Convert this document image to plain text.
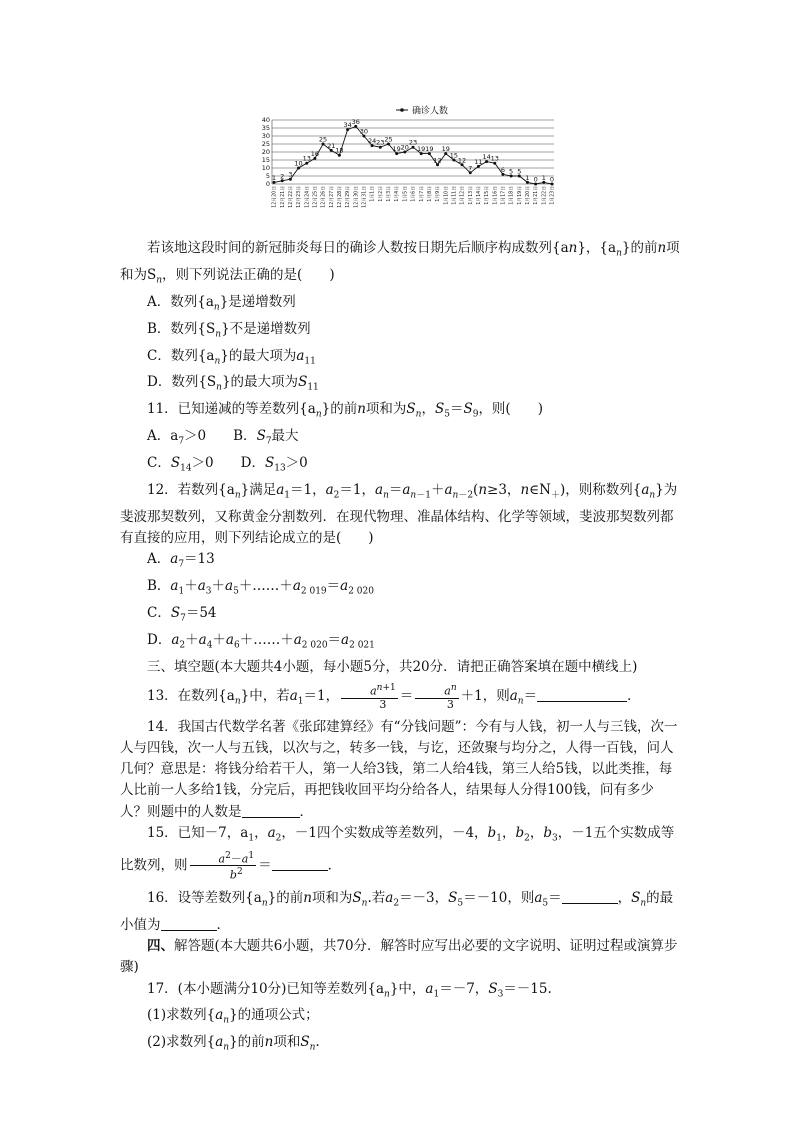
确诊人数
0
5
10
15
20
25
30
35
40
1 2 3
10
13
16
25
21
18
34 36
30
24 23 25
19 20
23
19 19
12
19
15
12
7
11
14 13
6 5 5
1 0 1 0
12月20日 12月21日 12月22日 12月23日 12月24日 12月25日 12月26日 12月27日 12月28日 12月29日 12月30日 12月31日 1月1日 1月2日 1月3日 1月4日 1月5日 1月6日 1月7日 1月8日 1月9日 1月10日 1月11日 1月12日 1月13日 1月14日 1月15日 1月16日 1月17日 1月18日 1月19日 1月20日 1月21日 1月22日 1月23日

若该地这段时间的新冠肺炎每日的确诊人数按日期先后顺序构成数列{an}，$\{a_n\}$的前n项和为$S_n$，则下列说法正确的是(　　)

A．数列$\{a_n\}$是递增数列

B．数列$\{S_n\}$不是递增数列

C．数列$\{a_n\}$的最大项为$a_{11}$

D．数列$\{S_n\}$的最大项为$S_{11}$

11．已知递减的等差数列$\{a_n\}$的前n项和为$S_n$，$S_5=S_9$，则(　　)

A．$a_7>0$　　B．$S_7$最大

C．$S_{14}>0$　　D．$S_{13}>0$

12．若数列$\{a_n\}$满足$a_1=1$，$a_2=1$，$a_n=a_{n-1}+a_{n-2}(n\ge 3$，$n\in N_+$)，则称数列$\{a_n\}$为斐波那契数列，又称黄金分割数列．在现代物理、准晶体结构、化学等领域，斐波那契数列都有直接的应用，则下列结论成立的是(　　)

A．$a_7=13$

B．$a_1+a_3+a_5+\dots\dots+a_{2 019}=a_{2 020}$

C．$S_7=54$

D．$a_2+a_4+a_6+\dots\dots+a_{2 020}=a_{2 021}$

三、填空题(本大题共4小题，每小题5分，共20分．请把正确答案填在题中横线上)

13．在数列$\{a_n\}$中，若$a_1=1$， $\frac{a^{n+1}}{3} = \frac{a^n}{3} +1$，则$a_n=$	．

14．我国古代数学名著《张邱建算经》有“分钱问题”：今有与人钱，初一人与三钱，次一人与四钱，次一人与五钱，以次与之，转多一钱，与讫，还敛聚与均分之，人得一百钱，问人几何？意思是：将钱分给若干人，第一人给3钱，第二人给4钱，第三人给5钱，以此类推，每人比前一人多给1钱，分完后，再把钱收回平均分给各人，结果每人分得100钱，问有多少人？则题中的人数是	．

15．已知－7，$a_1$，$a_2$，－1四个实数成等差数列，－4，$b_1$，$b_2$，$b_3$，－1五个实数成等比数列，则 $\frac{a^2-a^1}{b^2}$ ＝	．

16．设等差数列$\{a_n\}$的前n项和为$S_n$.若$a_2=-3$，$S_5=-10$，则$a_5=$	，$S_n$的最小值为	．

四、解答题(本大题共6小题，共70分．解答时应写出必要的文字说明、证明过程或演算步骤)

17．(本小题满分10分)已知等差数列$\{a_n\}$中，$a_1=-7$，$S_3=-15$.

(1)求数列$\{a_n\}$的通项公式；

(2)求数列$\{a_n\}$的前n项和$S_n$.
